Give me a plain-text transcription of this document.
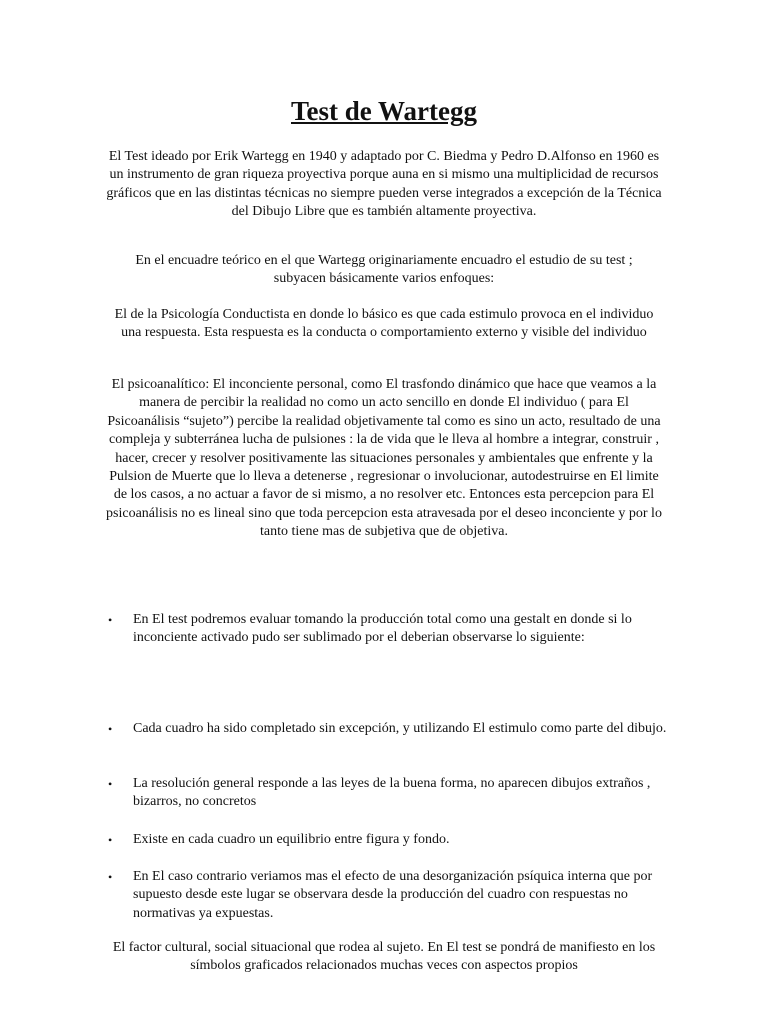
Test de Wartegg

El Test ideado por Erik Wartegg en 1940 y adaptado por C. Biedma y Pedro D.Alfonso en 1960 es un instrumento de gran riqueza proyectiva porque auna en si mismo una multiplicidad de recursos gráficos que en las distintas técnicas no siempre pueden verse integrados a excepción de la Técnica del Dibujo Libre que es también altamente proyectiva.

En el encuadre teórico en el que Wartegg originariamente encuadro el estudio de su test ; subyacen básicamente varios enfoques:

El de la Psicología Conductista en donde lo básico es que cada estimulo provoca en el individuo una respuesta. Esta respuesta es la conducta o comportamiento externo y visible del individuo

El psicoanalítico: El inconciente personal, como El trasfondo dinámico que hace que veamos a la manera de percibir la realidad no como un acto sencillo en donde El individuo ( para El Psicoanálisis “sujeto”) percibe la realidad objetivamente tal como es sino un acto, resultado de una compleja y subterránea lucha de pulsiones : la de vida que le lleva al hombre a integrar, construir , hacer, crecer y resolver positivamente las situaciones personales y ambientales que enfrente y la Pulsion de Muerte que lo lleva a detenerse , regresionar o involucionar, autodestruirse en El limite de los casos, a no actuar a favor de si mismo, a no resolver etc. Entonces esta percepcion para El psicoanálisis no es lineal sino que toda percepcion esta atravesada por el deseo inconciente y por lo tanto tiene mas de subjetiva que de objetiva.

• En El test podremos evaluar tomando la producción total como una gestalt en donde si lo inconciente activado pudo ser sublimado por el deberian observarse lo siguiente:
• Cada cuadro ha sido completado sin excepción, y utilizando El estimulo como parte del dibujo.
• La resolución general responde a las leyes de la buena forma, no aparecen dibujos extraños , bizarros, no concretos
• Existe en cada cuadro un equilibrio entre figura y fondo.
• En El caso contrario veriamos mas el efecto de una desorganización psíquica interna que por supuesto desde este lugar se observara desde la producción del cuadro con respuestas no normativas ya expuestas.

El factor cultural, social situacional que rodea al sujeto. En El test se pondrá de manifiesto en los símbolos graficados relacionados muchas veces con aspectos propios
